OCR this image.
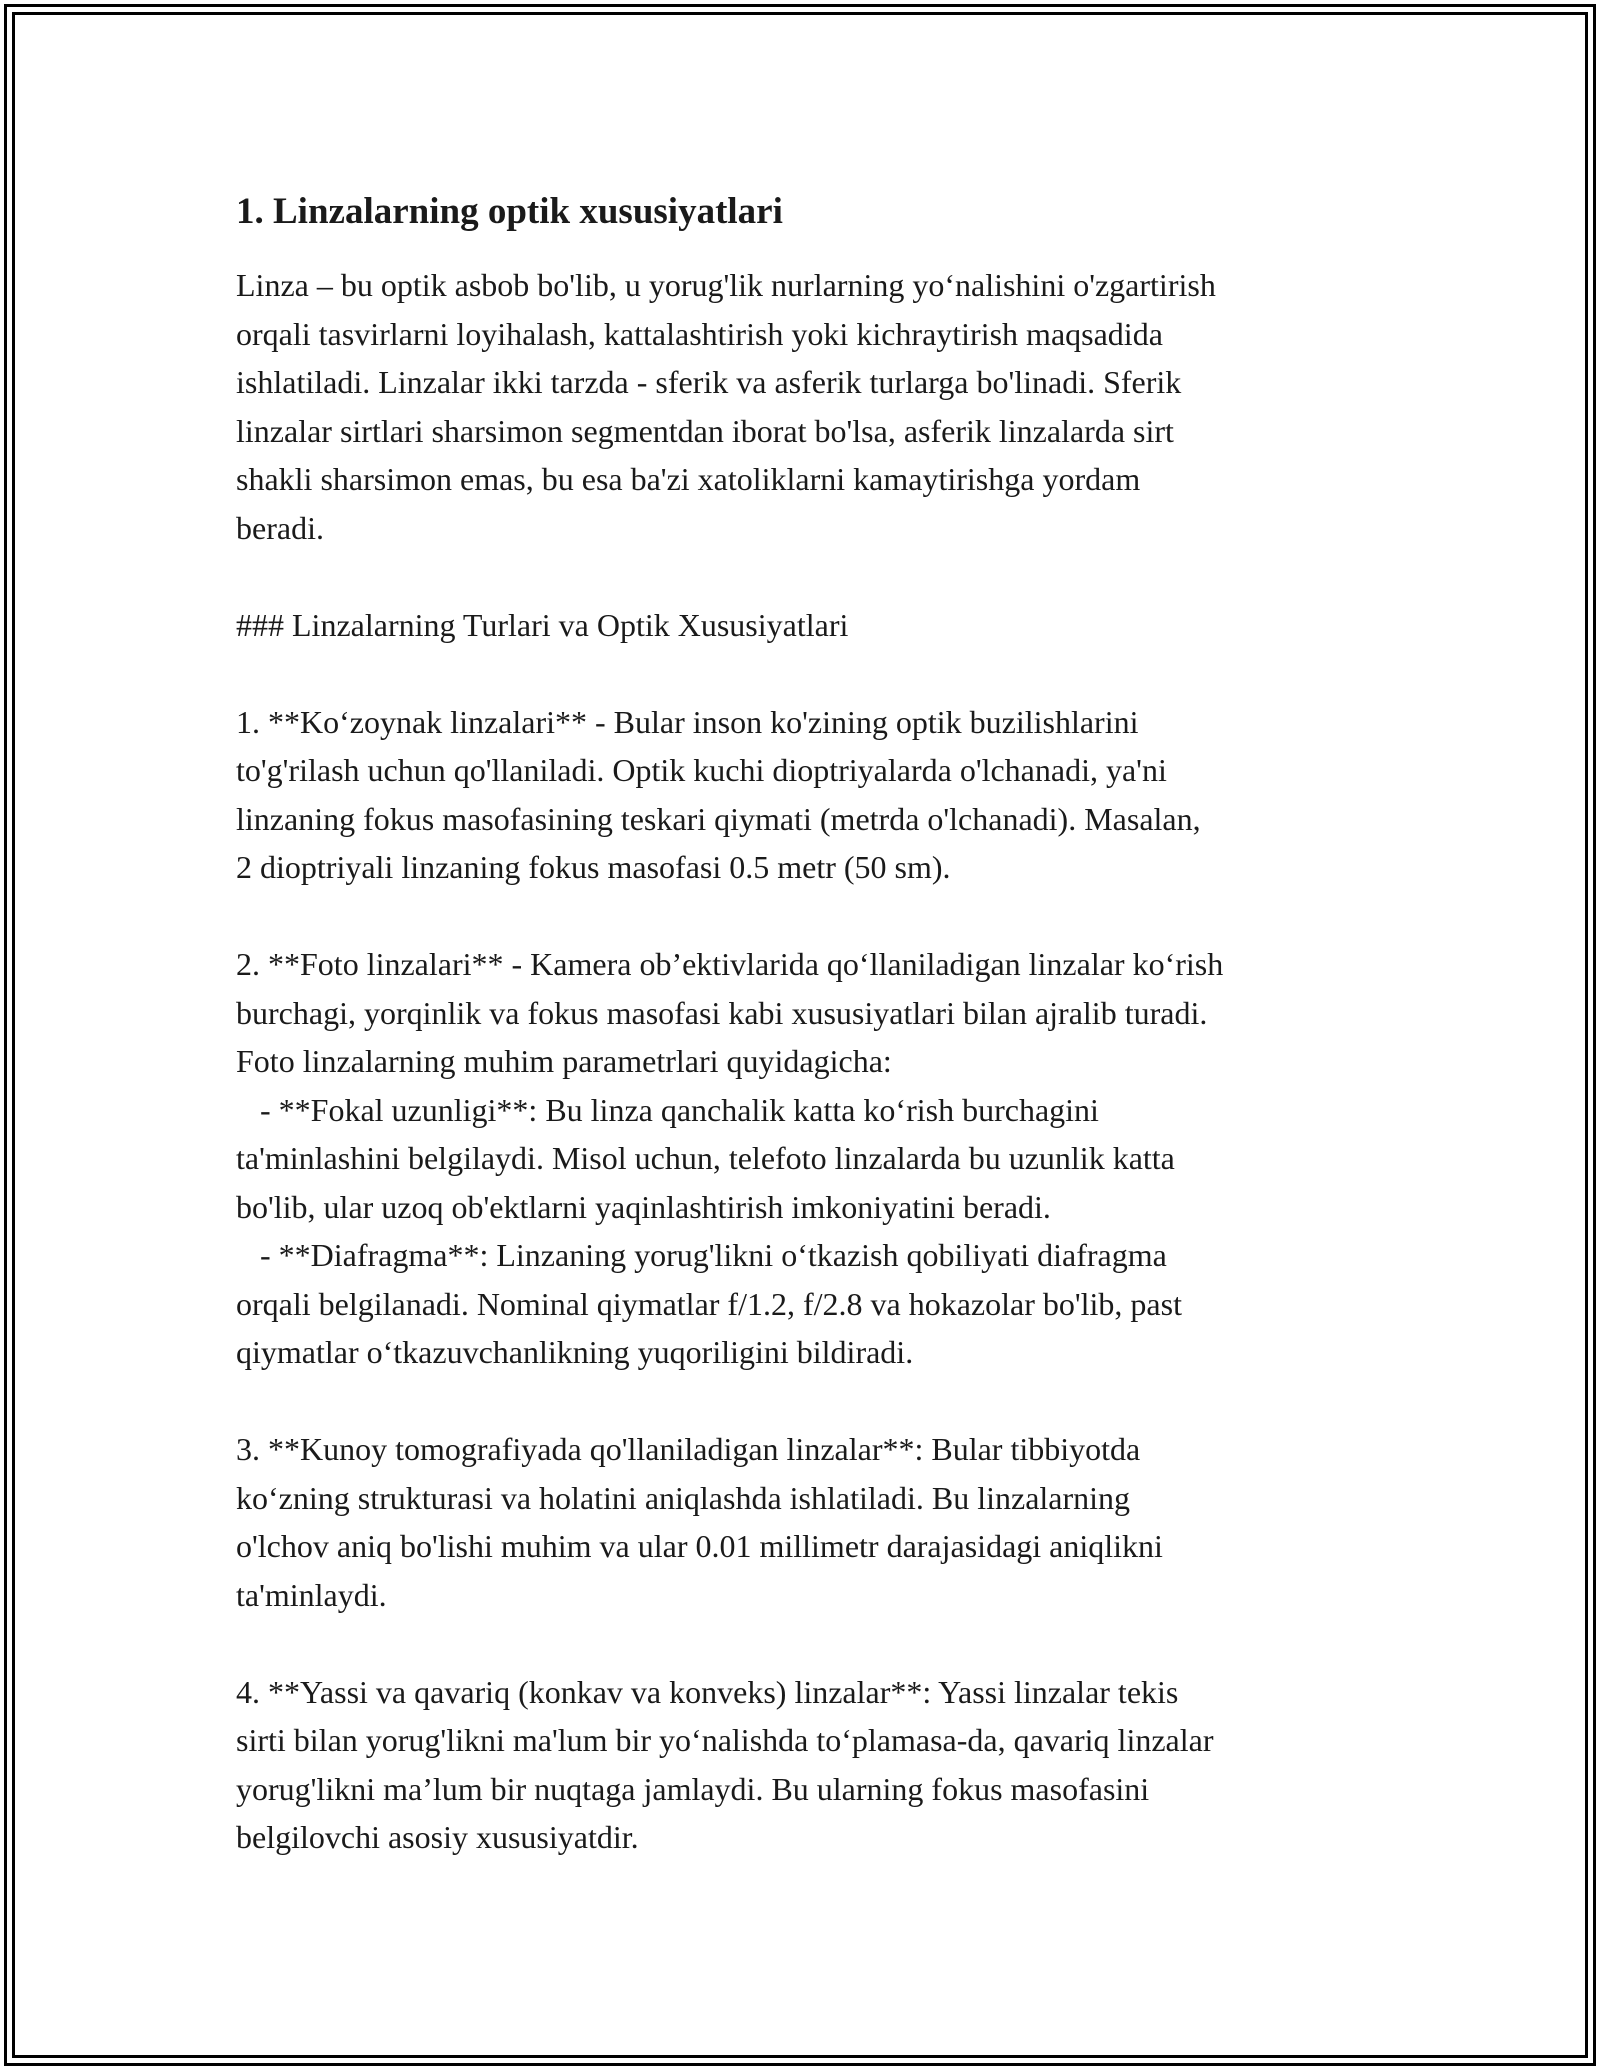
1. Linzalarning optik xususiyatlari

Linza – bu optik asbob bo'lib, u yorug'lik nurlarning yo‘nalishini o'zgartirish
orqali tasvirlarni loyihalash, kattalashtirish yoki kichraytirish maqsadida
ishlatiladi. Linzalar ikki tarzda - sferik va asferik turlarga bo'linadi. Sferik
linzalar sirtlari sharsimon segmentdan iborat bo'lsa, asferik linzalarda sirt
shakli sharsimon emas, bu esa ba'zi xatoliklarni kamaytirishga yordam
beradi.

### Linzalarning Turlari va Optik Xususiyatlari

1. **Ko‘zoynak linzalari** - Bular inson ko'zining optik buzilishlarini
to'g'rilash uchun qo'llaniladi. Optik kuchi dioptriyalarda o'lchanadi, ya'ni
linzaning fokus masofasining teskari qiymati (metrda o'lchanadi). Masalan,
2 dioptriyali linzaning fokus masofasi 0.5 metr (50 sm).

2. **Foto linzalari** - Kamera ob’ektivlarida qo‘llaniladigan linzalar ko‘rish
burchagi, yorqinlik va fokus masofasi kabi xususiyatlari bilan ajralib turadi.
Foto linzalarning muhim parametrlari quyidagicha:
- **Fokal uzunligi**: Bu linza qanchalik katta ko‘rish burchagini
ta'minlashini belgilaydi. Misol uchun, telefoto linzalarda bu uzunlik katta
bo'lib, ular uzoq ob'ektlarni yaqinlashtirish imkoniyatini beradi.
- **Diafragma**: Linzaning yorug'likni o‘tkazish qobiliyati diafragma
orqali belgilanadi. Nominal qiymatlar f/1.2, f/2.8 va hokazolar bo'lib, past
qiymatlar o‘tkazuvchanlikning yuqoriligini bildiradi.

3. **Kunoy tomografiyada qo'llaniladigan linzalar**: Bular tibbiyotda
ko‘zning strukturasi va holatini aniqlashda ishlatiladi. Bu linzalarning
o'lchov aniq bo'lishi muhim va ular 0.01 millimetr darajasidagi aniqlikni
ta'minlaydi.

4. **Yassi va qavariq (konkav va konveks) linzalar**: Yassi linzalar tekis
sirti bilan yorug'likni ma'lum bir yo‘nalishda to‘plamasa-da, qavariq linzalar
yorug'likni ma’lum bir nuqtaga jamlaydi. Bu ularning fokus masofasini
belgilovchi asosiy xususiyatdir.
